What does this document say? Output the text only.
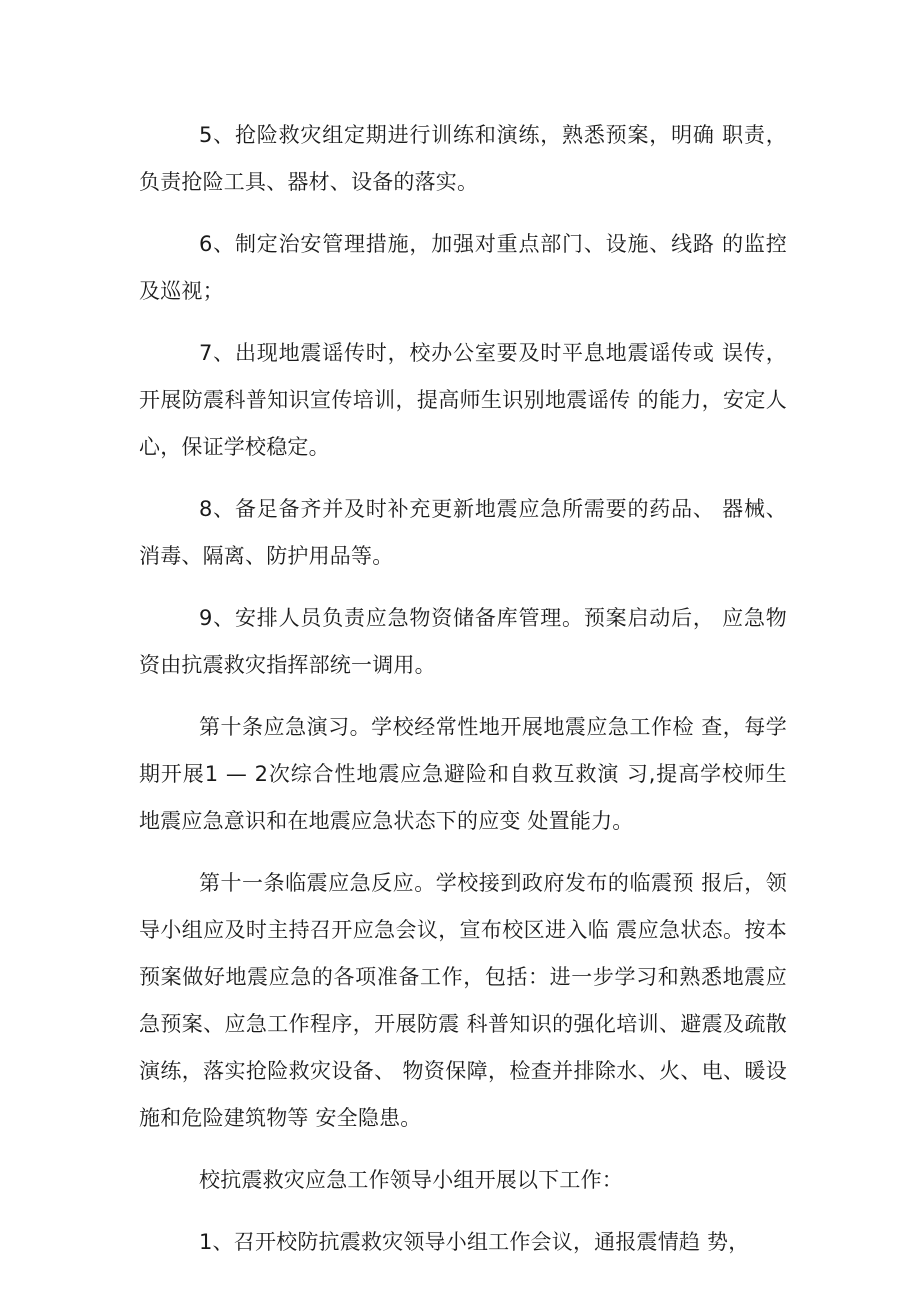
5、抢险救灾组定期进行训练和演练，熟悉预案，明确 职责，负责抢险工具、器材、设备的落实。

6、制定治安管理措施，加强对重点部门、设施、线路 的监控及巡视；

7、出现地震谣传时，校办公室要及时平息地震谣传或 误传，开展防震科普知识宣传培训，提高师生识别地震谣传 的能力，安定人心，保证学校稳定。

8、备足备齐并及时补充更新地震应急所需要的药品、 器械、消毒、隔离、防护用品等。

9、安排人员负责应急物资储备库管理。预案启动后， 应急物资由抗震救灾指挥部统一调用。

第十条应急演习。学校经常性地开展地震应急工作检 查，每学期开展1 — 2次综合性地震应急避险和自救互救演 习,提高学校师生地震应急意识和在地震应急状态下的应变 处置能力。

第十一条临震应急反应。学校接到政府发布的临震预 报后，领导小组应及时主持召开应急会议，宣布校区进入临 震应急状态。按本预案做好地震应急的各项准备工作，包括：进一步学习和熟悉地震应急预案、应急工作程序，开展防震 科普知识的强化培训、避震及疏散演练，落实抢险救灾设备、 物资保障，检查并排除水、火、电、暖设施和危险建筑物等 安全隐患。

校抗震救灾应急工作领导小组开展以下工作：

1、召开校防抗震救灾领导小组工作会议，通报震情趋 势，
